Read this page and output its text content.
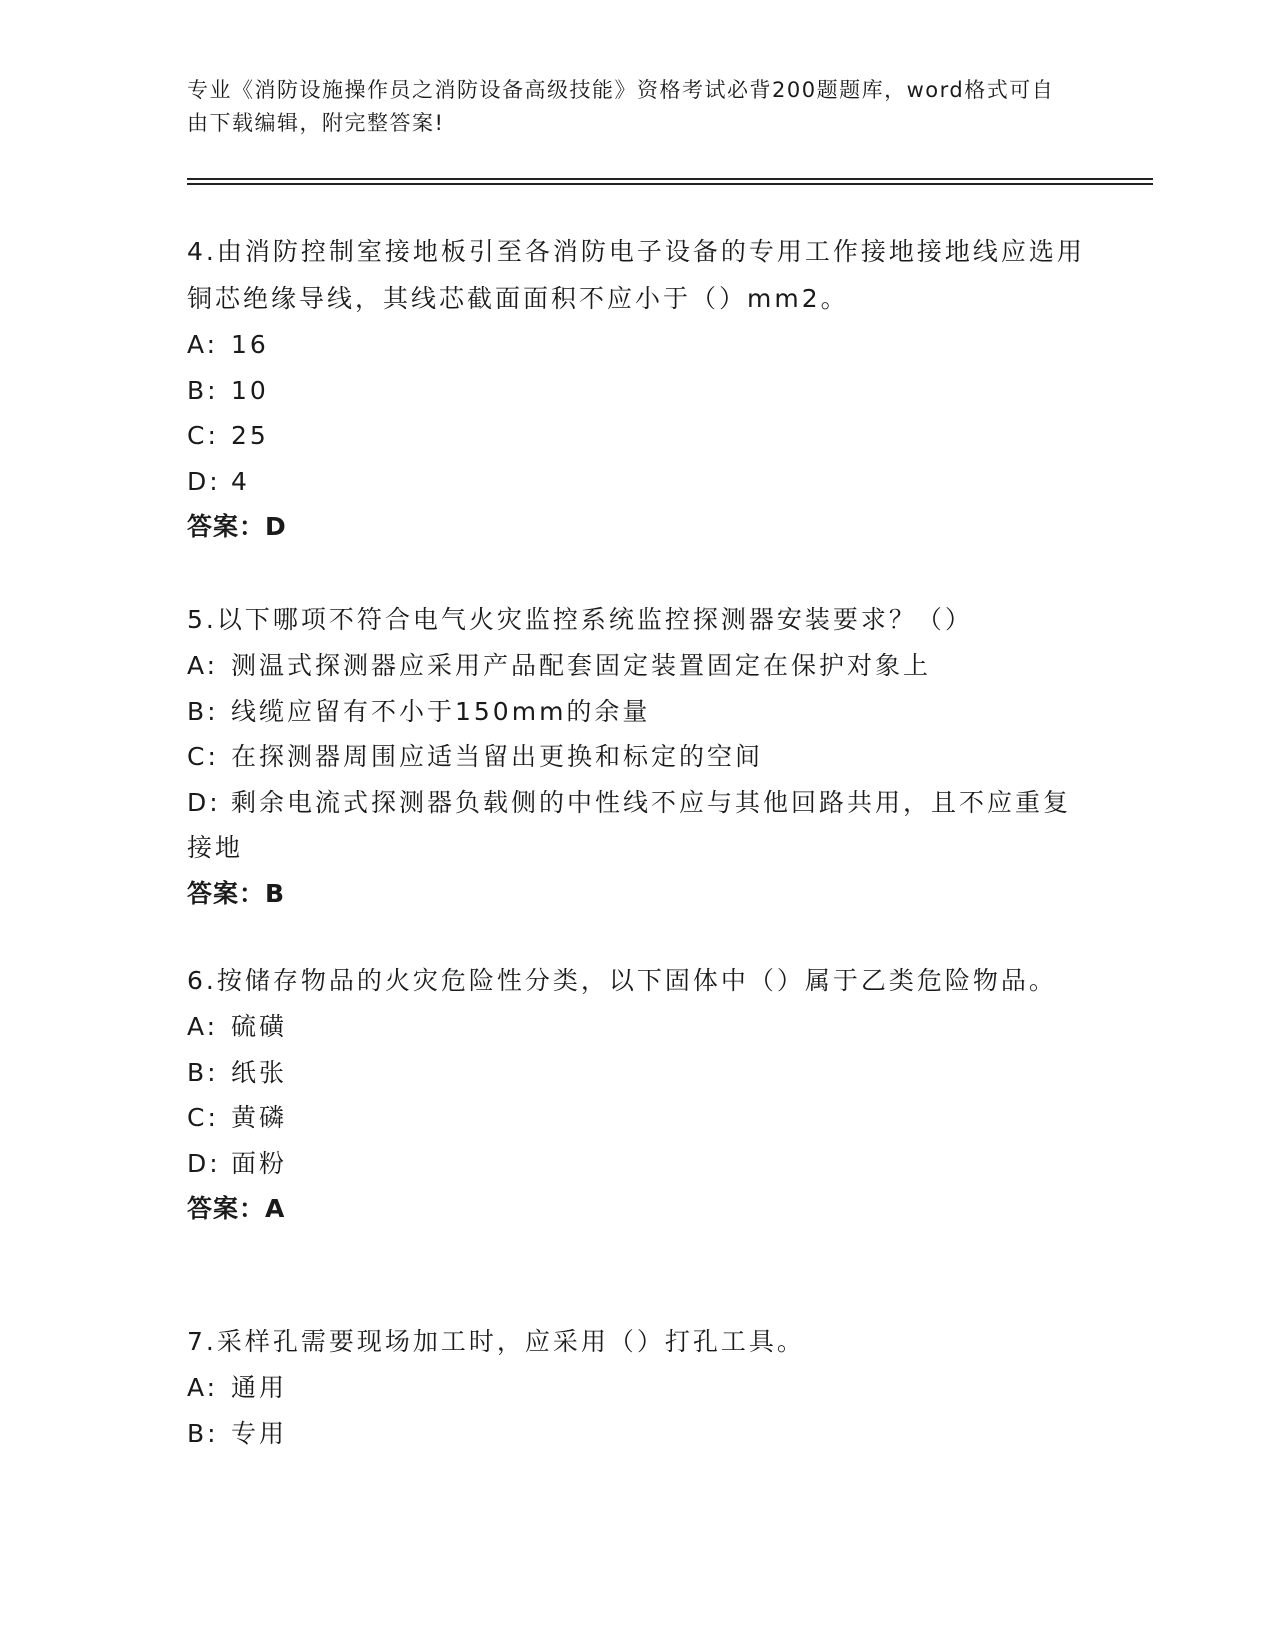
专业《消防设施操作员之消防设备高级技能》资格考试必背200题题库，word格式可自由下载编辑，附完整答案!

4.由消防控制室接地板引至各消防电子设备的专用工作接地接地线应选用铜芯绝缘导线，其线芯截面面积不应小于（）mm2。

A: 16

B: 10

C: 25

D: 4

答案：D

5.以下哪项不符合电气火灾监控系统监控探测器安装要求？（）

A: 测温式探测器应采用产品配套固定装置固定在保护对象上

B: 线缆应留有不小于150mm的余量

C: 在探测器周围应适当留出更换和标定的空间

D: 剩余电流式探测器负载侧的中性线不应与其他回路共用，且不应重复接地

答案：B

6.按储存物品的火灾危险性分类，以下固体中（）属于乙类危险物品。

A: 硫磺

B: 纸张

C: 黄磷

D: 面粉

答案：A

7.采样孔需要现场加工时，应采用（）打孔工具。

A: 通用

B: 专用
